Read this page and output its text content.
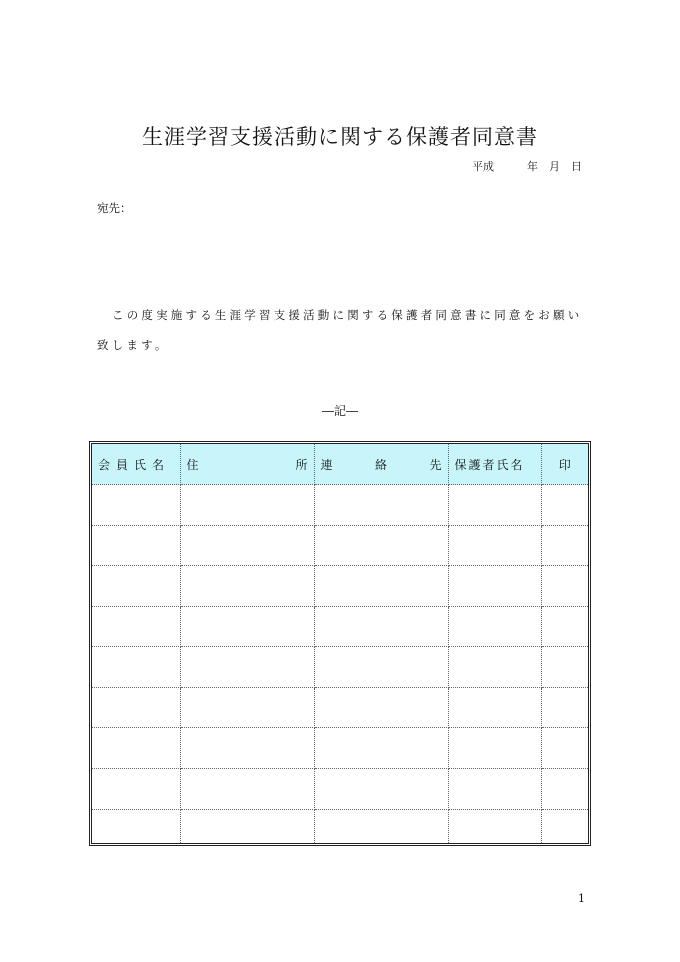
生涯学習支援活動に関する保護者同意書
平成　　　年　月　日
宛先：
この度実施する生涯学習支援活動に関する保護者同意書に同意をお願い
致します。
―記―
会員氏名	住 所	連 絡 先	保護者氏名	印

1
